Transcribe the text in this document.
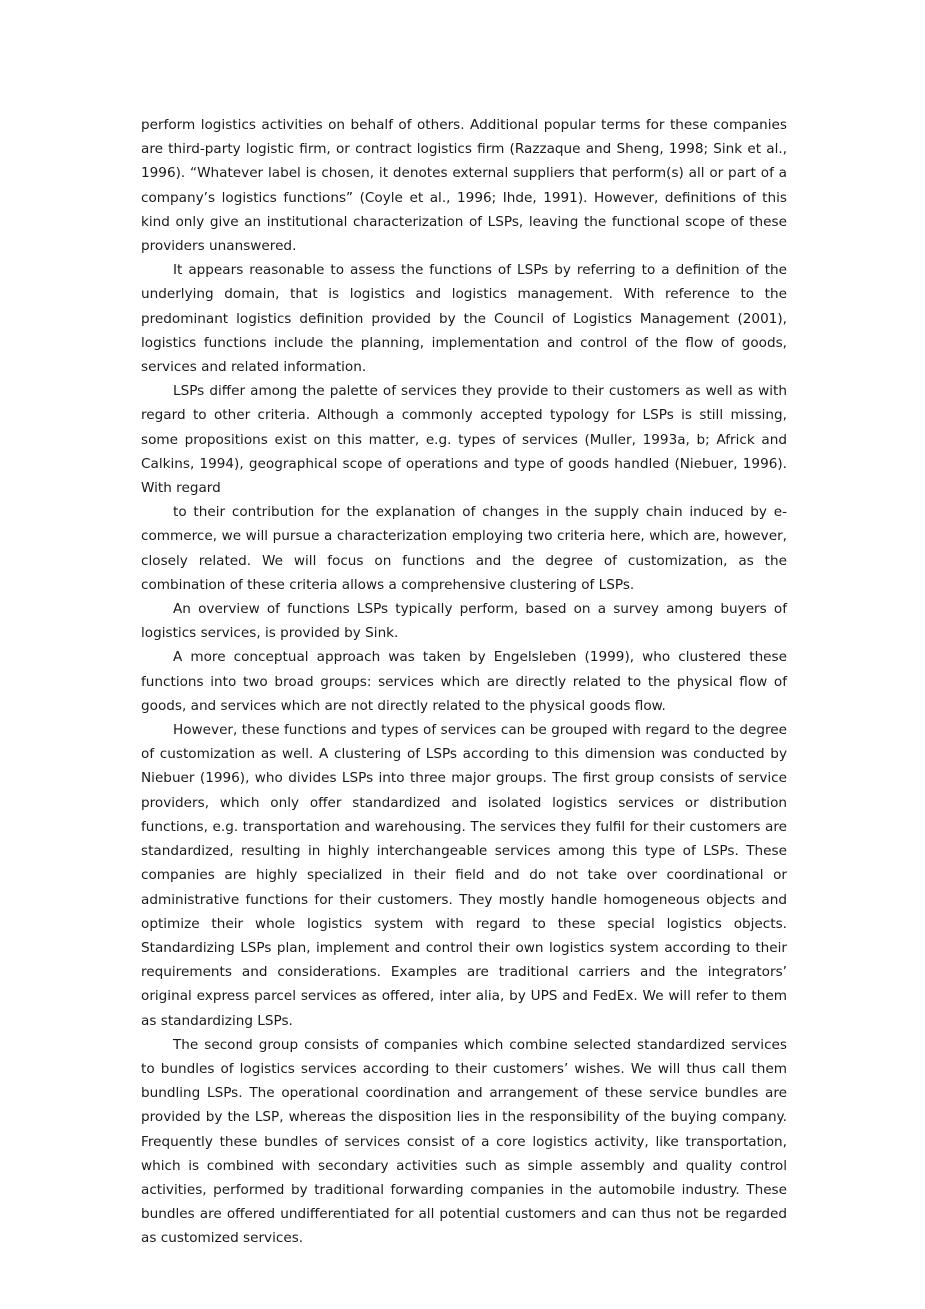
perform logistics activities on behalf of others. Additional popular terms for these companies are third-party logistic firm, or contract logistics firm (Razzaque and Sheng, 1998; Sink et al., 1996). “Whatever label is chosen, it denotes external suppliers that perform(s) all or part of a company’s logistics functions” (Coyle et al., 1996; Ihde, 1991). However, definitions of this kind only give an institutional characterization of LSPs, leaving the functional scope of these providers unanswered.

It appears reasonable to assess the functions of LSPs by referring to a definition of the underlying domain, that is logistics and logistics management. With reference to the predominant logistics definition provided by the Council of Logistics Management (2001), logistics functions include the planning, implementation and control of the flow of goods, services and related information.

LSPs differ among the palette of services they provide to their customers as well as with regard to other criteria. Although a commonly accepted typology for LSPs is still missing, some propositions exist on this matter, e.g. types of services (Muller, 1993a, b; Africk and Calkins, 1994), geographical scope of operations and type of goods handled (Niebuer, 1996). With regard

to their contribution for the explanation of changes in the supply chain induced by e-commerce, we will pursue a characterization employing two criteria here, which are, however, closely related. We will focus on functions and the degree of customization, as the combination of these criteria allows a comprehensive clustering of LSPs.

An overview of functions LSPs typically perform, based on a survey among buyers of logistics services, is provided by Sink.

A more conceptual approach was taken by Engelsleben (1999), who clustered these functions into two broad groups: services which are directly related to the physical flow of goods, and services which are not directly related to the physical goods flow.

However, these functions and types of services can be grouped with regard to the degree of customization as well. A clustering of LSPs according to this dimension was conducted by Niebuer (1996), who divides LSPs into three major groups. The first group consists of service providers, which only offer standardized and isolated logistics services or distribution functions, e.g. transportation and warehousing. The services they fulfil for their customers are standardized, resulting in highly interchangeable services among this type of LSPs. These companies are highly specialized in their field and do not take over coordinational or administrative functions for their customers. They mostly handle homogeneous objects and optimize their whole logistics system with regard to these special logistics objects. Standardizing LSPs plan, implement and control their own logistics system according to their requirements and considerations. Examples are traditional carriers and the integrators’ original express parcel services as offered, inter alia, by UPS and FedEx. We will refer to them as standardizing LSPs.

The second group consists of companies which combine selected standardized services to bundles of logistics services according to their customers’ wishes. We will thus call them bundling LSPs. The operational coordination and arrangement of these service bundles are provided by the LSP, whereas the disposition lies in the responsibility of the buying company. Frequently these bundles of services consist of a core logistics activity, like transportation, which is combined with secondary activities such as simple assembly and quality control activities, performed by traditional forwarding companies in the automobile industry. These bundles are offered undifferentiated for all potential customers and can thus not be regarded as customized services.
